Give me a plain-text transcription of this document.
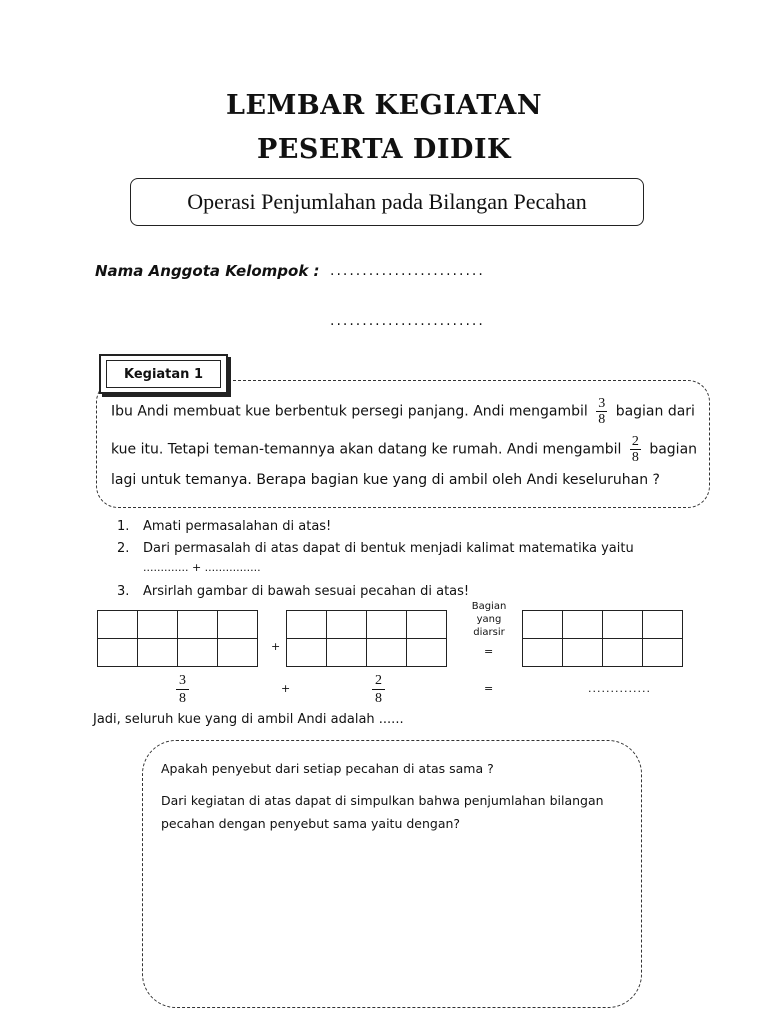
LEMBAR KEGIATAN
PESERTA DIDIK
Operasi Penjumlahan pada Bilangan Pecahan
Nama Anggota Kelompok : ........................
........................
Kegiatan 1
Ibu Andi membuat kue berbentuk persegi panjang. Andi mengambil $\frac{3}{8}$ bagian dari
kue itu. Tetapi teman-temannya akan datang ke rumah. Andi mengambil $\frac{2}{8}$ bagian
lagi untuk temanya. Berapa bagian kue yang di ambil oleh Andi keseluruhan ?
1. Amati permasalahan di atas!
2. Dari permasalah di atas dapat di bentuk menjadi kalimat matematika yaitu
............. + ................
3. Arsirlah gambar di bawah sesuai pecahan di atas!

+

Bagian
yang
diarsir
=

$\frac{3}{8}$	+	$\frac{2}{8}$	=	..............
Jadi, seluruh kue yang di ambil Andi adalah ......
Apakah penyebut dari setiap pecahan di atas sama ?
Dari kegiatan di atas dapat di simpulkan bahwa penjumlahan bilangan
pecahan dengan penyebut sama yaitu dengan?
